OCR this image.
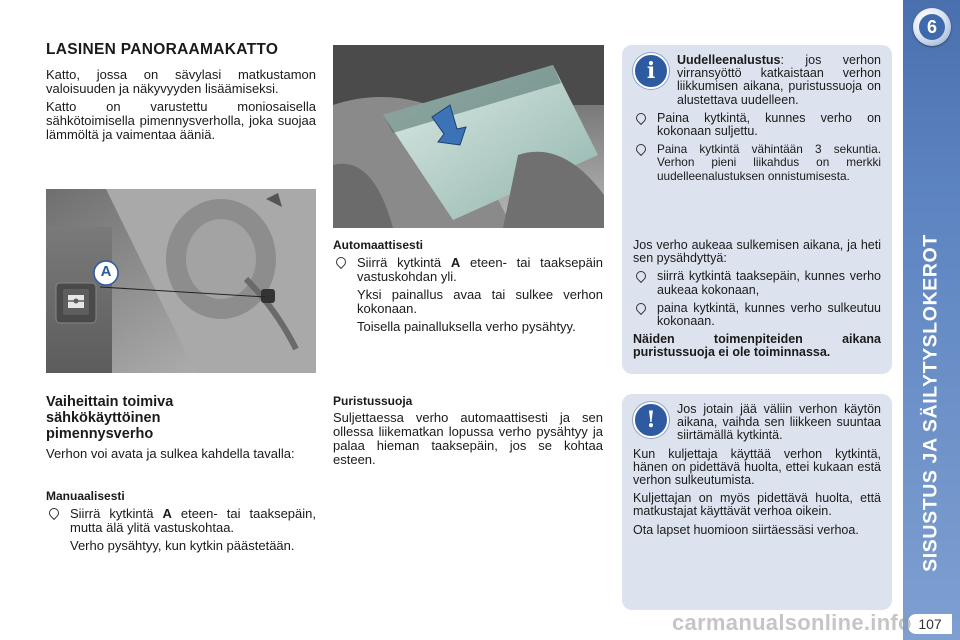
6
SISUSTUS JA SÄILYTYSLOKEROT
107
LASINEN PANORAAMAKATTO

Katto, jossa on sävylasi matkustamon valoisuuden ja näkyvyyden lisäämiseksi.

Katto on varustettu moniosaisella sähkötoimisella pimennysverholla, joka suojaa lämmöltä ja vaimentaa ääniä.

A
Vaiheittain toimiva sähkökäyttöinen pimennysverho
Verhon voi avata ja sulkea kahdella tavalla:
Manuaalisesti

Siirrä kytkintä A eteen- tai taaksepäin, mutta älä ylitä vastuskohtaa.

Verho pysähtyy, kun kytkin päästetään.

Automaattisesti

Siirrä kytkintä A eteen- tai taaksepäin vastuskohdan yli.

Yksi painallus avaa tai sulkee verhon kokonaan.

Toisella painalluksella verho pysähtyy.

Puristussuoja
Suljettaessa verho automaattisesti ja sen ollessa liikematkan lopussa verho pysähtyy ja palaa hieman taaksepäin, jos se kohtaa esteen.
i	Uudelleenalustus: jos verhon virransyöttö katkaistaan verhon liikkumisen aikana, puristussuoja on alustettava uudelleen.

Paina kytkintä, kunnes verho on kokonaan suljettu.

Paina kytkintä vähintään 3 sekuntia. Verhon pieni liikahdus on merkki uudelleenalustuksen onnistumisesta.

Jos verho aukeaa sulkemisen aikana, ja heti sen pysähdyttyä:

siirrä kytkintä taaksepäin, kunnes verho aukeaa kokonaan,

paina kytkintä, kunnes verho sulkeutuu kokonaan.

Näiden toimenpiteiden aikana puristussuoja ei ole toiminnassa.

!	Jos jotain jää väliin verhon käytön aikana, vaihda sen liikkeen suuntaa siirtämällä kytkintä.

Kun kuljettaja käyttää verhon kytkintä, hänen on pidettävä huolta, ettei kukaan estä verhon sulkeutumista.

Kuljettajan on myös pidettävä huolta, että matkustajat käyttävät verhoa oikein.

Ota lapset huomioon siirtäessäsi verhoa.

carmanualsonline.info
